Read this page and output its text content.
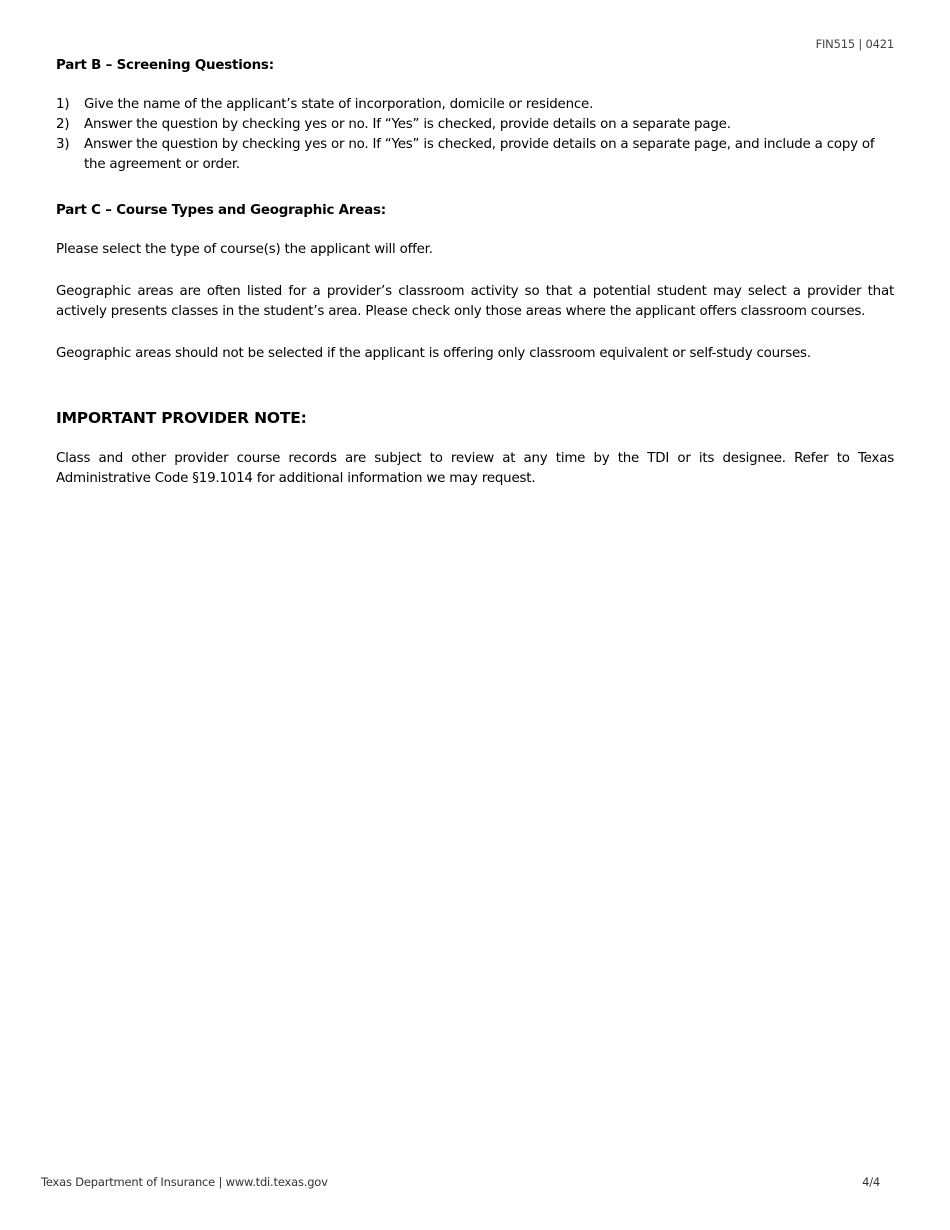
FIN515 | 0421
Part B – Screening Questions:
1)	Give the name of the applicant’s state of incorporation, domicile or residence.
2)	Answer the question by checking yes or no. If “Yes” is checked, provide details on a separate page.
3)	Answer the question by checking yes or no. If “Yes” is checked, provide details on a separate page, and include a copy of the agreement or order.
Part C – Course Types and Geographic Areas:

Please select the type of course(s) the applicant will offer.

Geographic areas are often listed for a provider’s classroom activity so that a potential student may select a provider that actively presents classes in the student’s area. Please check only those areas where the applicant offers classroom courses.

Geographic areas should not be selected if the applicant is offering only classroom equivalent or self-study courses.

IMPORTANT PROVIDER NOTE:

Class and other provider course records are subject to review at any time by the TDI or its designee. Refer to Texas Administrative Code §19.1014 for additional information we may request.

Texas Department of Insurance | www.tdi.texas.gov	4/4
